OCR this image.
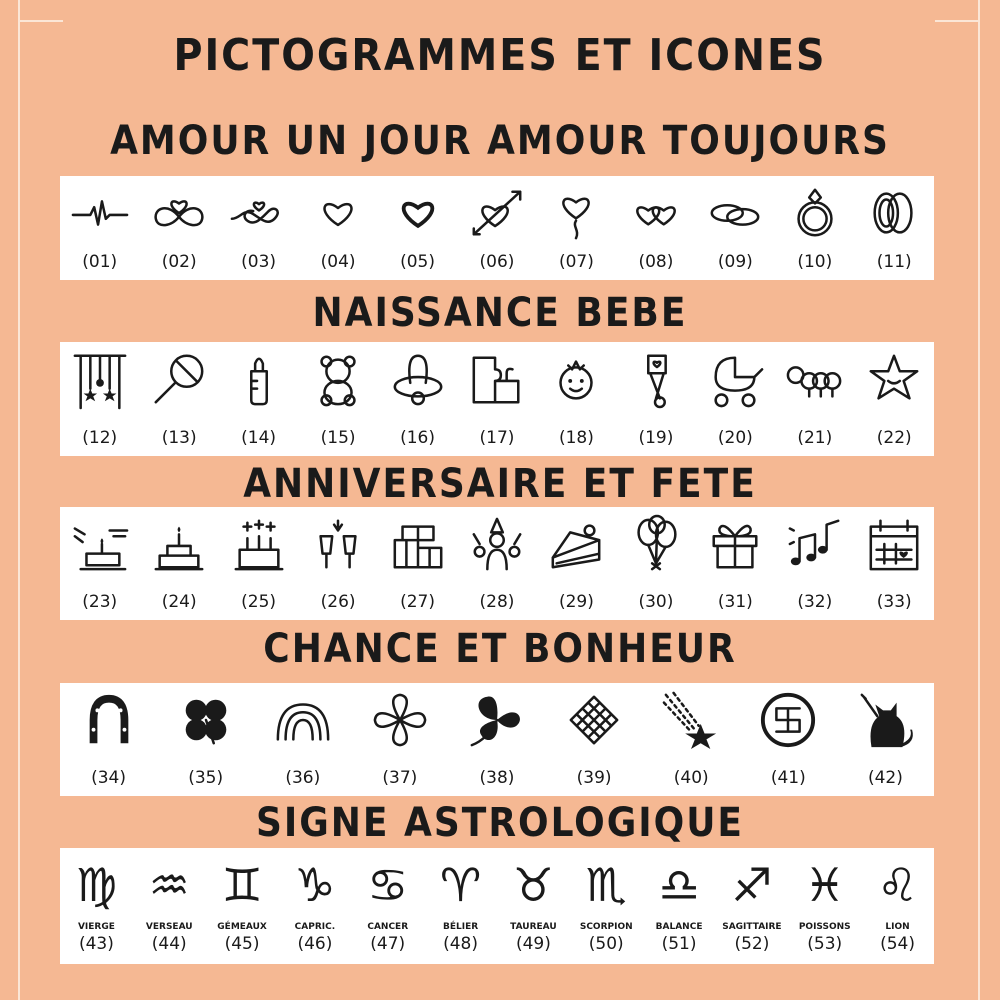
PICTOGRAMMES ET ICONES
AMOUR UN JOUR AMOUR TOUJOURS
(01)	(02)	(03)	(04)	(05)	(06)	(07)	(08)	(09)	(10)	(11)
NAISSANCE BEBE
(12)	(13)	(14)	(15)	(16)	(17)	(18)	(19)	(20)	(21)	(22)
ANNIVERSAIRE ET FETE
(23)	(24)	(25)	(26)	(27)	(28)	(29)	(30)	(31)	(32)	(33)
CHANCE ET BONHEUR
(34)	(35)	(36)	(37)	(38)	(39)	(40)	(41)	(42)
SIGNE ASTROLOGIQUE
♍
VIERGE
(43)
♒
VERSEAU
(44)
♊
GÉMEAUX
(45)
♑
CAPRIC.
(46)
♋
CANCER
(47)
♈
BÉLIER
(48)
♉
TAUREAU
(49)
♏
SCORPION
(50)
♎
BALANCE
(51)
♐
SAGITTAIRE
(52)
♓
POISSONS
(53)
♌
LION
(54)
